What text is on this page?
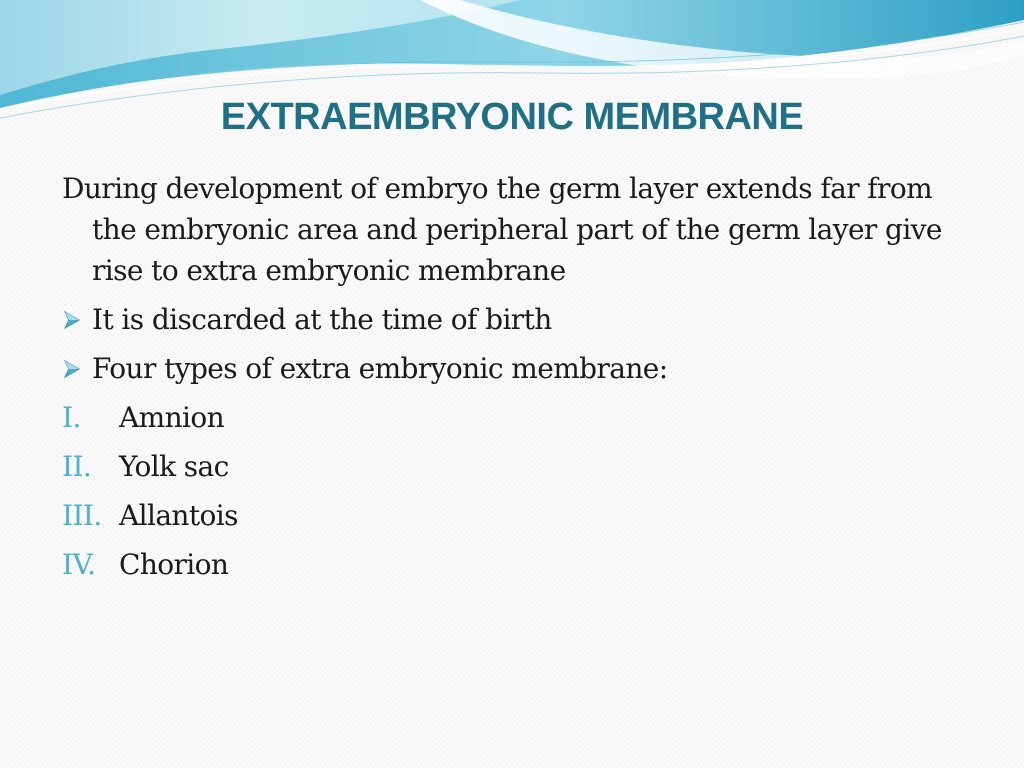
EXTRAEMBRYONIC MEMBRANE

During development of embryo the germ layer extends far from the embryonic area and peripheral part of the germ layer give rise to extra embryonic membrane

It is discarded at the time of birth
Four types of extra embryonic membrane:
I.	Amnion
II. Yolk sac
III. Allantois
IV. Chorion
